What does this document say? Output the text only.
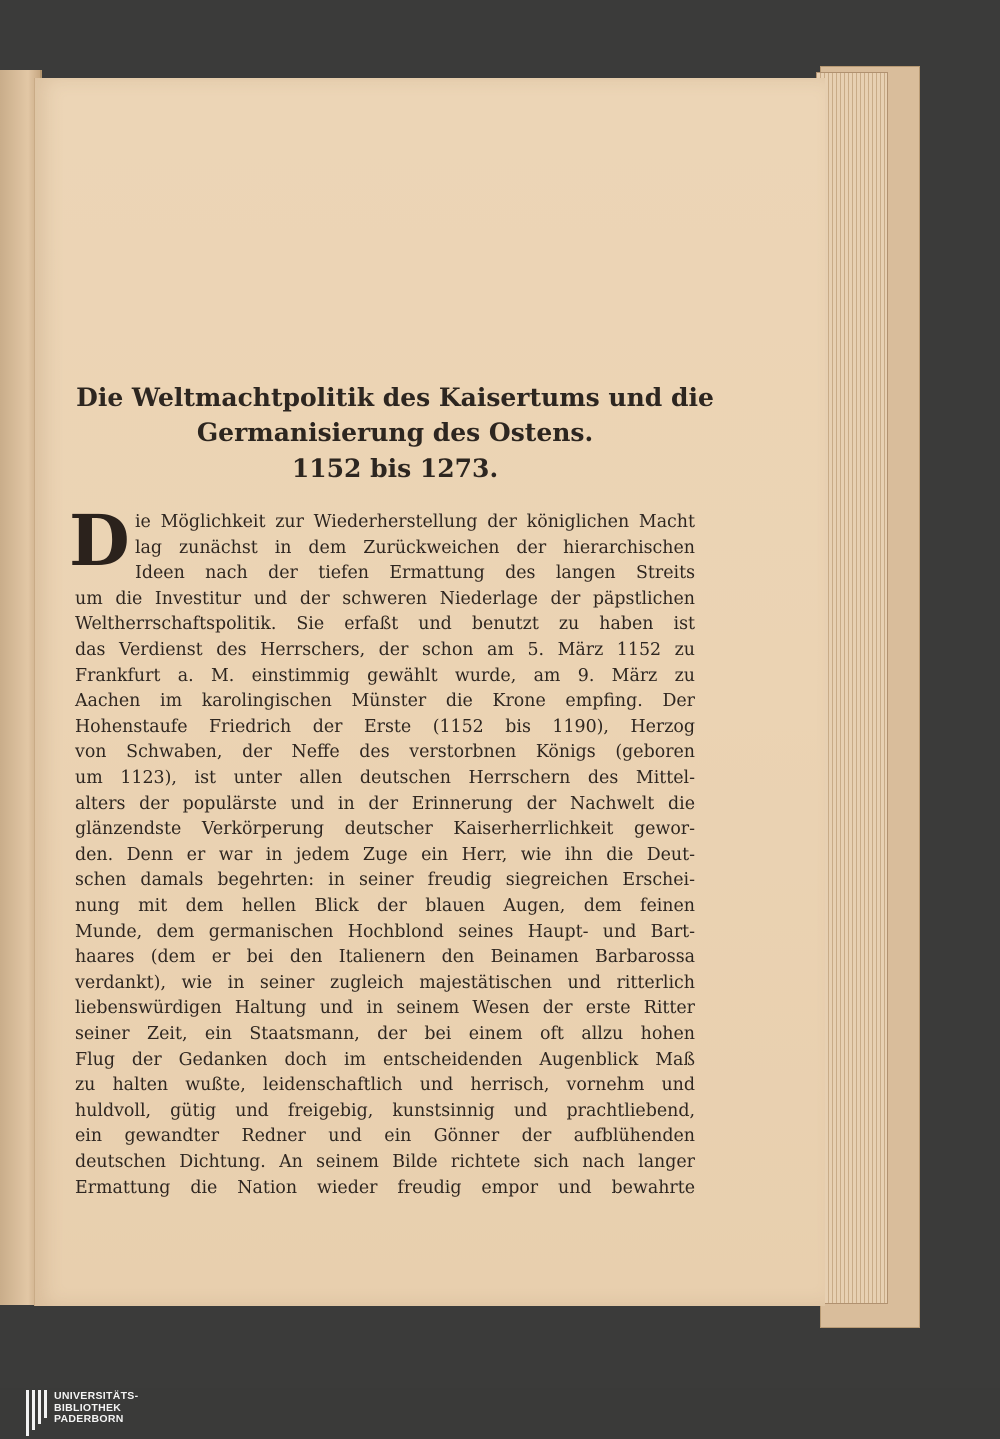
Die Weltmachtpolitik des Kaisertums und die
Germanisierung des Ostens.
1152 bis 1273.
D ie Möglichkeit zur Wiederherstellung der königlichen Macht
lag zunächst in dem Zurückweichen der hierarchischen
Ideen nach der tiefen Ermattung des langen Streits
um die Investitur und der schweren Niederlage der päpstlichen
Weltherrschaftspolitik. Sie erfaßt und benutzt zu haben ist
das Verdienst des Herrschers, der schon am 5. März 1152 zu
Frankfurt a. M. einstimmig gewählt wurde, am 9. März zu
Aachen im karolingischen Münster die Krone empfing. Der
Hohenstaufe Friedrich der Erste (1152 bis 1190), Herzog
von Schwaben, der Neffe des verstorbnen Königs (geboren
um 1123), ist unter allen deutschen Herrschern des Mittel-
alters der populärste und in der Erinnerung der Nachwelt die
glänzendste Verkörperung deutscher Kaiserherrlichkeit gewor-
den. Denn er war in jedem Zuge ein Herr, wie ihn die Deut-
schen damals begehrten: in seiner freudig siegreichen Erschei-
nung mit dem hellen Blick der blauen Augen, dem feinen
Munde, dem germanischen Hochblond seines Haupt- und Bart-
haares (dem er bei den Italienern den Beinamen Barbarossa
verdankt), wie in seiner zugleich majestätischen und ritterlich
liebenswürdigen Haltung und in seinem Wesen der erste Ritter
seiner Zeit, ein Staatsmann, der bei einem oft allzu hohen
Flug der Gedanken doch im entscheidenden Augenblick Maß
zu halten wußte, leidenschaftlich und herrisch, vornehm und
huldvoll, gütig und freigebig, kunstsinnig und prachtliebend,
ein gewandter Redner und ein Gönner der aufblühenden
deutschen Dichtung. An seinem Bilde richtete sich nach langer
Ermattung die Nation wieder freudig empor und bewahrte
UNIVERSITÄTS-
BIBLIOTHEK
PADERBORN
